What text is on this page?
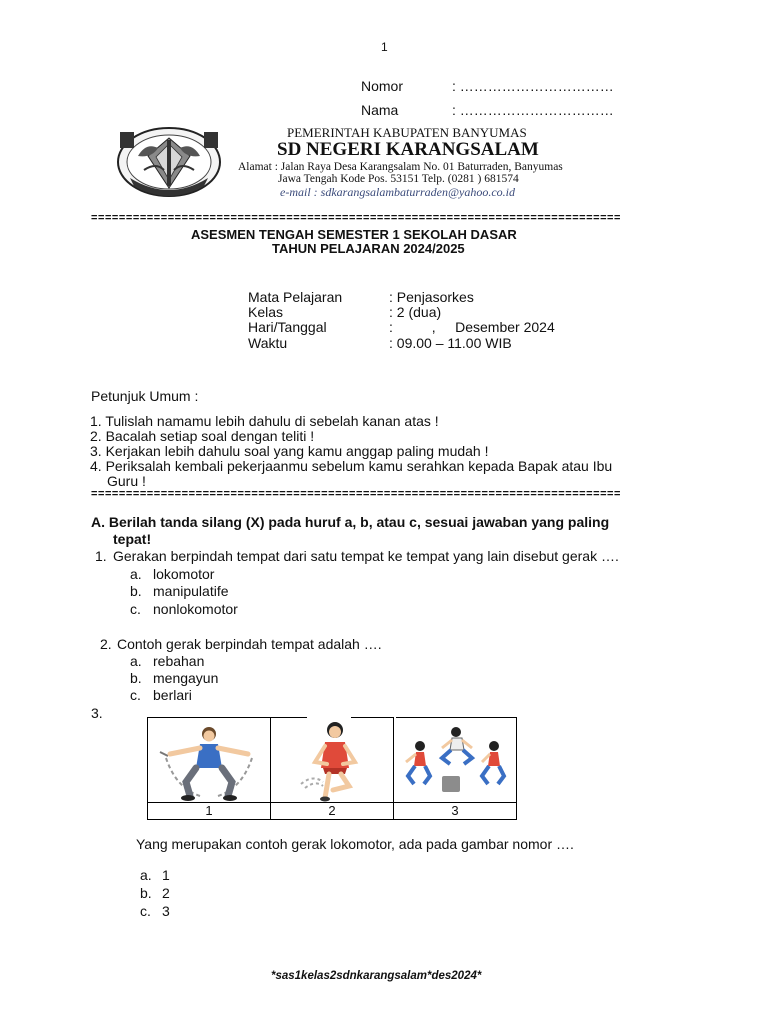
1
Nomor	: ……………………………
Nama	: ……………………………
PEMERINTAH KABUPATEN BANYUMAS
SD NEGERI KARANGSALAM
Alamat : Jalan Raya Desa Karangsalam No. 01 Baturraden, Banyumas
Jawa Tengah Kode Pos. 53151 Telp. (0281 ) 681574
e-mail : sdkarangsalambaturraden@yahoo.co.id
============================================================================
ASESMEN TENGAH SEMESTER 1 SEKOLAH DASAR
TAHUN PELAJARAN 2024/2025
Mata Pelajaran	: Penjasorkes
Kelas	: 2 (dua)
Hari/Tanggal	:          ,     Desember 2024
Waktu	: 09.00 – 11.00 WIB
Petunjuk Umum :
1. Tulislah namamu lebih dahulu di sebelah kanan atas !
2. Bacalah setiap soal dengan teliti !
3. Kerjakan lebih dahulu soal yang kamu anggap paling mudah !
4. Periksalah kembali pekerjaanmu sebelum kamu serahkan kepada Bapak atau Ibu
Guru !
============================================================================
A. Berilah tanda silang (X) pada huruf a, b, atau c, sesuai jawaban yang paling
tepat!
1. Gerakan berpindah tempat dari satu tempat ke tempat yang lain disebut gerak ….
a. lokomotor
b. manipulatife
c. nonlokomotor
2. Contoh gerak berpindah tempat adalah ….
a. rebahan
b. mengayun
c. berlari
3.

1	2	3
Yang merupakan contoh gerak lokomotor, ada pada gambar nomor ….
a. 1
b. 2
c. 3
*sas1kelas2sdnkarangsalam*des2024*
